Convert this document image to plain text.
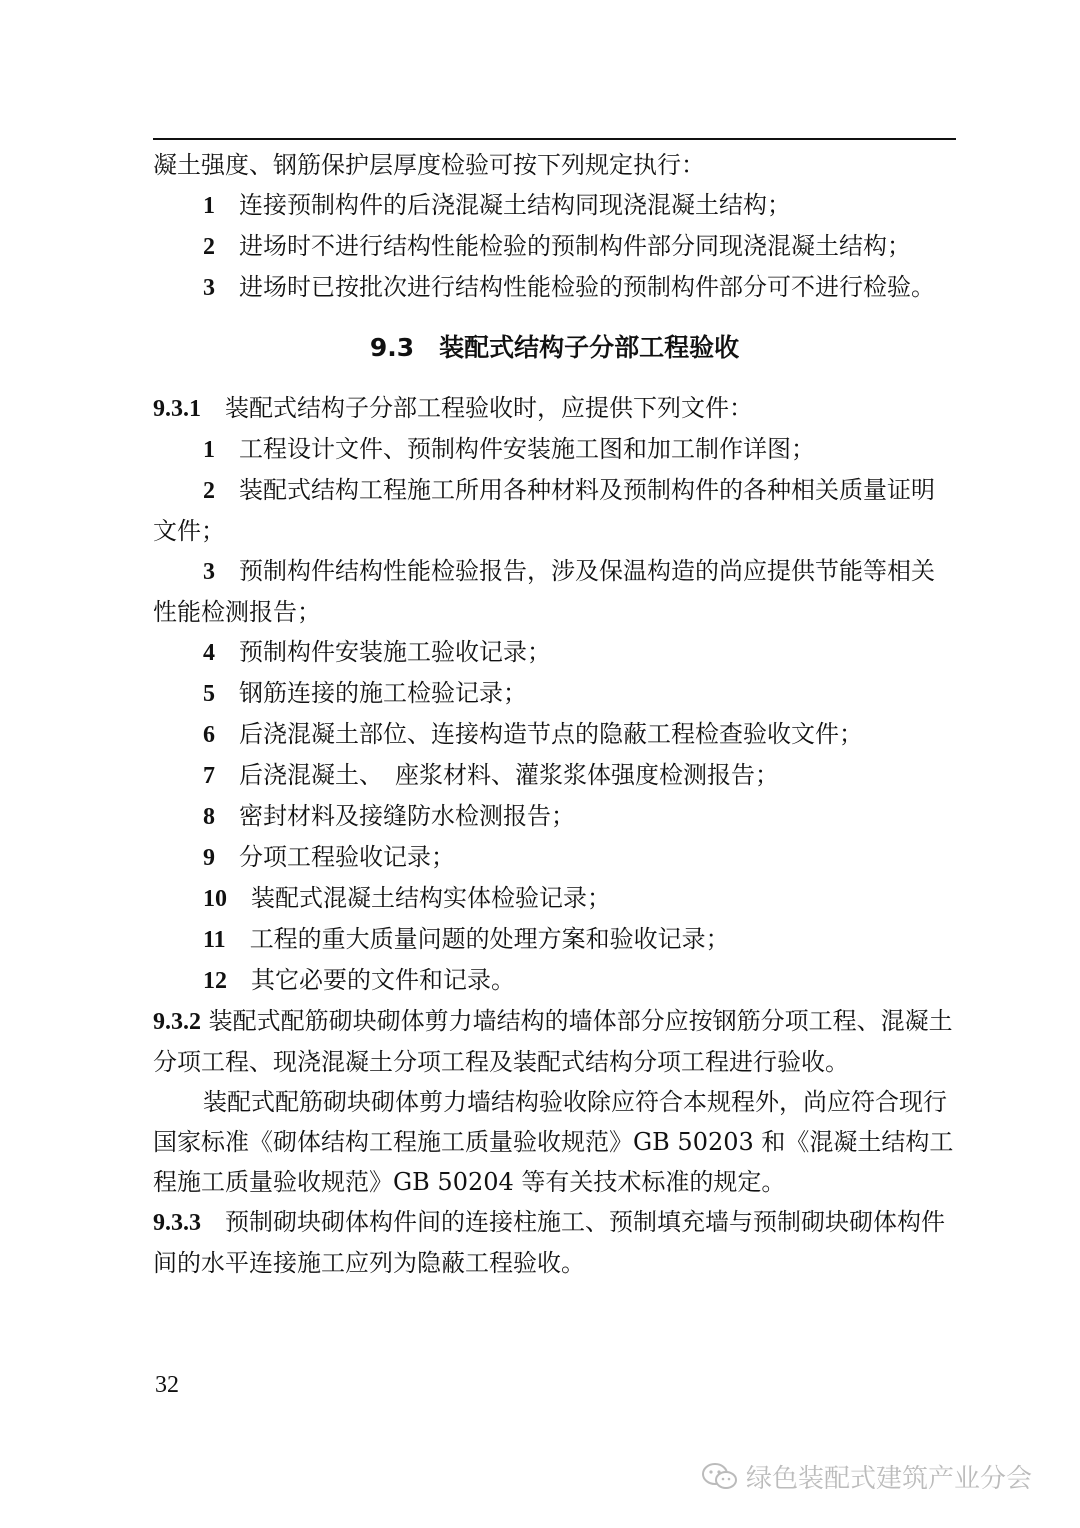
凝土强度、钢筋保护层厚度检验可按下列规定执行：

1　 连接预制构件的后浇混凝土结构同现浇混凝土结构；

2　 进场时不进行结构性能检验的预制构件部分同现浇混凝土结构；

3　 进场时已按批次进行结构性能检验的预制构件部分可不进行检验。

9.3　装配式结构子分部工程验收

9.3.1　 装配式结构子分部工程验收时，应提供下列文件：

1　 工程设计文件、预制构件安装施工图和加工制作详图；

2　 装配式结构工程施工所用各种材料及预制构件的各种相关质量证明文件；

3　 预制构件结构性能检验报告，涉及保温构造的尚应提供节能等相关性能检测报告；

4　 预制构件安装施工验收记录；

5　 钢筋连接的施工检验记录；

6　 后浇混凝土部位、连接构造节点的隐蔽工程检查验收文件；

7　 后浇混凝土、　座浆材料、灌浆浆体强度检测报告；

8　 密封材料及接缝防水检测报告；

9　 分项工程验收记录；

10　 装配式混凝土结构实体检验记录；

11　 工程的重大质量问题的处理方案和验收记录；

12　 其它必要的文件和记录。

9.3.2 装配式配筋砌块砌体剪力墙结构的墙体部分应按钢筋分项工程、混凝土分项工程、现浇混凝土分项工程及装配式结构分项工程进行验收。

装配式配筋砌块砌体剪力墙结构验收除应符合本规程外，尚应符合现行国家标准《砌体结构工程施工质量验收规范》GB 50203 和《混凝土结构工程施工质量验收规范》GB 50204 等有关技术标准的规定。

9.3.3　 预制砌块砌体构件间的连接柱施工、预制填充墙与预制砌块砌体构件间的水平连接施工应列为隐蔽工程验收。

32
绿色装配式建筑产业分会
